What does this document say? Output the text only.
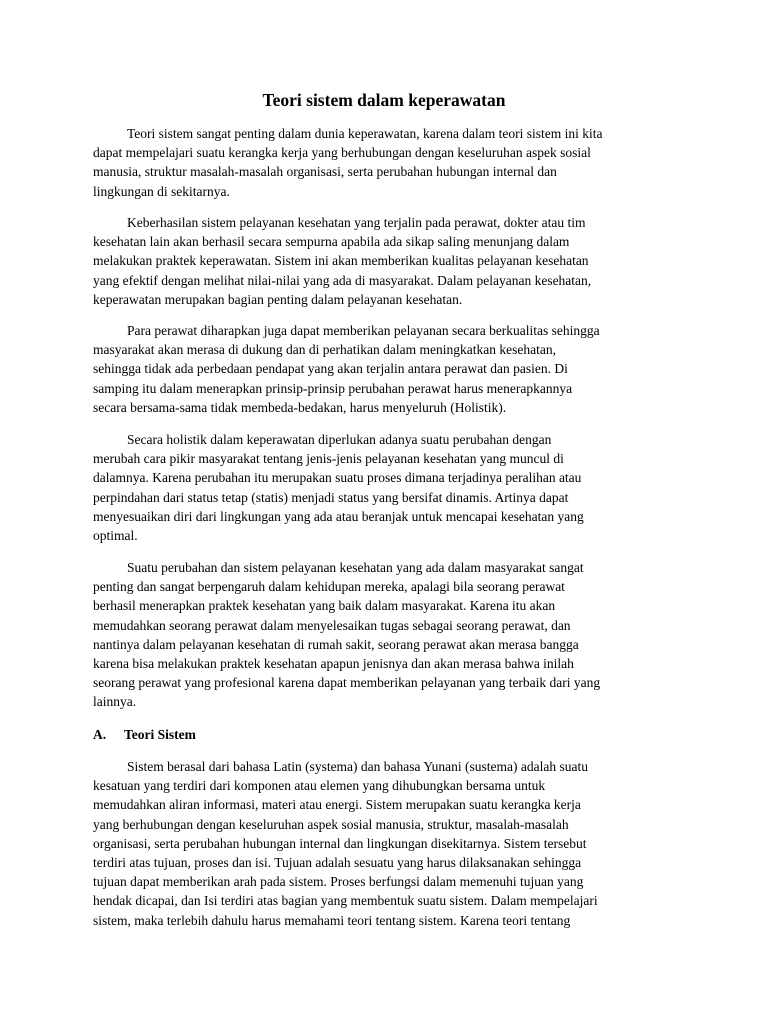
Teori sistem dalam keperawatan

Teori sistem sangat penting dalam dunia keperawatan, karena dalam teori sistem ini kita
dapat mempelajari suatu kerangka kerja yang berhubungan dengan keseluruhan aspek sosial
manusia, struktur masalah-masalah organisasi, serta perubahan hubungan internal dan
lingkungan di sekitarnya.

Keberhasilan sistem pelayanan kesehatan yang terjalin pada perawat, dokter atau tim
kesehatan lain akan berhasil secara sempurna apabila ada sikap saling menunjang dalam
melakukan praktek keperawatan. Sistem ini akan memberikan kualitas pelayanan kesehatan
yang efektif dengan melihat nilai-nilai yang ada di masyarakat. Dalam pelayanan kesehatan,
keperawatan merupakan bagian penting dalam pelayanan kesehatan.

Para perawat diharapkan juga dapat memberikan pelayanan secara berkualitas sehingga
masyarakat akan merasa di dukung dan di perhatikan dalam meningkatkan kesehatan,
sehingga tidak ada perbedaan pendapat yang akan terjalin antara perawat dan pasien. Di
samping itu dalam menerapkan prinsip-prinsip perubahan perawat harus menerapkannya
secara bersama-sama tidak membeda-bedakan, harus menyeluruh (Holistik).

Secara holistik dalam keperawatan diperlukan adanya suatu perubahan dengan
merubah cara pikir masyarakat tentang jenis-jenis pelayanan kesehatan yang muncul di
dalamnya. Karena perubahan itu merupakan suatu proses dimana terjadinya peralihan atau
perpindahan dari status tetap (statis) menjadi status yang bersifat dinamis. Artinya dapat
menyesuaikan diri dari lingkungan yang ada atau beranjak untuk mencapai kesehatan yang
optimal.

Suatu perubahan dan sistem pelayanan kesehatan yang ada dalam masyarakat sangat
penting dan sangat berpengaruh dalam kehidupan mereka, apalagi bila seorang perawat
berhasil menerapkan praktek kesehatan yang baik dalam masyarakat. Karena itu akan
memudahkan seorang perawat dalam menyelesaikan tugas sebagai seorang perawat, dan
nantinya dalam pelayanan kesehatan di rumah sakit, seorang perawat akan merasa bangga
karena bisa melakukan praktek kesehatan apapun jenisnya dan akan merasa bahwa inilah
seorang perawat yang profesional karena dapat memberikan pelayanan yang terbaik dari yang
lainnya.

A. Teori Sistem

Sistem berasal dari bahasa Latin (systema) dan bahasa Yunani (sustema) adalah suatu
kesatuan yang terdiri dari komponen atau elemen yang dihubungkan bersama untuk
memudahkan aliran informasi, materi atau energi. Sistem merupakan suatu kerangka kerja
yang berhubungan dengan keseluruhan aspek sosial manusia, struktur, masalah-masalah
organisasi, serta perubahan hubungan internal dan lingkungan disekitarnya. Sistem tersebut
terdiri atas tujuan, proses dan isi. Tujuan adalah sesuatu yang harus dilaksanakan sehingga
tujuan dapat memberikan arah pada sistem. Proses berfungsi dalam memenuhi tujuan yang
hendak dicapai, dan Isi terdiri atas bagian yang membentuk suatu sistem. Dalam mempelajari
sistem, maka terlebih dahulu harus memahami teori tentang sistem. Karena teori tentang
